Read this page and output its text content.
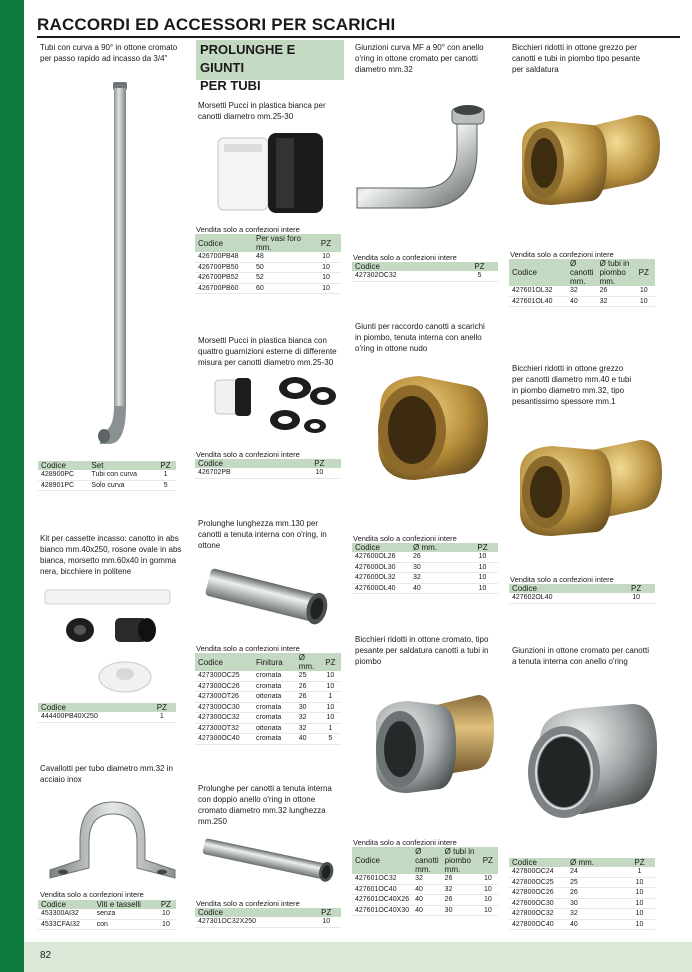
82
RACCORDI ED ACCESSORI PER SCARICHI
PROLUNGHE E GIUNTI
PER TUBI
Tubi con curva a 90° in ottone cromato
per passo rapido ad incasso da 3/4"
Codice	Set	PZ
428900PC	Tubi con curva	1
428901PC	Solo curva	5
Kit per cassette incasso: canotto in abs
bianco mm.40x250, rosone ovale in abs
bianca, morsetto mm.60x40 in gomma
nera, bicchiere in politene
Codice	PZ
444400PB40X250	1
Cavallotti per tubo diametro mm.32 in
acciaio inox
Vendita solo a confezioni intere
Codice	Viti e tasselli	PZ
453300AI32	senza	10
4533CFAI32	con	10
Morsetti Pucci in plastica bianca per
canotti diametro mm.25-30
Vendita solo a confezioni intere
Codice	Per vasi foro mm.	PZ
426700PB48	48	10
426700PB50	50	10
426700PB52	52	10
426700PB60	60	10
Morsetti Pucci in plastica bianca con
quattro guarnizioni esterne di differente
misura per canotti diametro mm.25-30
Vendita solo a confezioni intere
Codice	PZ
426702PB	10
Prolunghe lunghezza mm.130 per
canotti a tenuta interna con o'ring, in
ottone
Vendita solo a confezioni intere
Codice	Finitura	Ø mm.	PZ
427300OC25	cromata	25	10
427300OC26	cromata	26	10
427300OT26	ottonata	26	1
427300OC30	cromata	30	10
427300OC32	cromata	32	10
427300OT32	ottonata	32	1
427300OC40	cromata	40	5
Prolunghe per canotti a tenuta interna
con doppio anello o'ring in ottone
cromato diametro mm.32 lunghezza
mm.250
Vendita solo a confezioni intere
Codice	PZ
427301OC32X250	10
Giunzioni curva MF a 90° con anello
o'ring in ottone cromato per canotti
diametro mm.32
Vendita solo a confezioni intere
Codice	PZ
427302OC32	5
Giunti per raccordo canotti a scarichi
in piombo, tenuta interna con anello
o'ring in ottone nudo
Vendita solo a confezioni intere
Codice	Ø mm.	PZ
427600OL26	26	10
427600OL30	30	10
427600OL32	32	10
427600OL40	40	10
Bicchieri ridotti in ottone cromato, tipo
pesante per saldatura canotti a tubi in
piombo
Vendita solo a confezioni intere
Codice	Ø canotti mm.	Ø tubi in piombo mm.	PZ
427601OC32	32	26	10
427601OC40	40	32	10
427601OC40X26	40	26	10
427601OC40X30	40	30	10
Bicchieri ridotti in ottone grezzo per
canotti e tubi in piombo tipo pesante
per saldatura
Vendita solo a confezioni intere
Codice	Ø canotti mm.	Ø tubi in piombo mm.	PZ
427601OL32	32	26	10
427601OL40	40	32	10
Bicchieri ridotti in ottone grezzo
per canotti diametro mm.40 e tubi
in piombo diametro mm.32, tipo
pesantissimo spessore mm.1
Vendita solo a confezioni intere
Codice	PZ
427602OL40	10
Giunzioni in ottone cromato per canotti
a tenuta interna con anello o'ring
Codice	Ø mm.	PZ
427800OC24	24	1
427800OC25	25	10
427800OC26	26	10
427800OC30	30	10
427800OC32	32	10
427800OC40	40	10
